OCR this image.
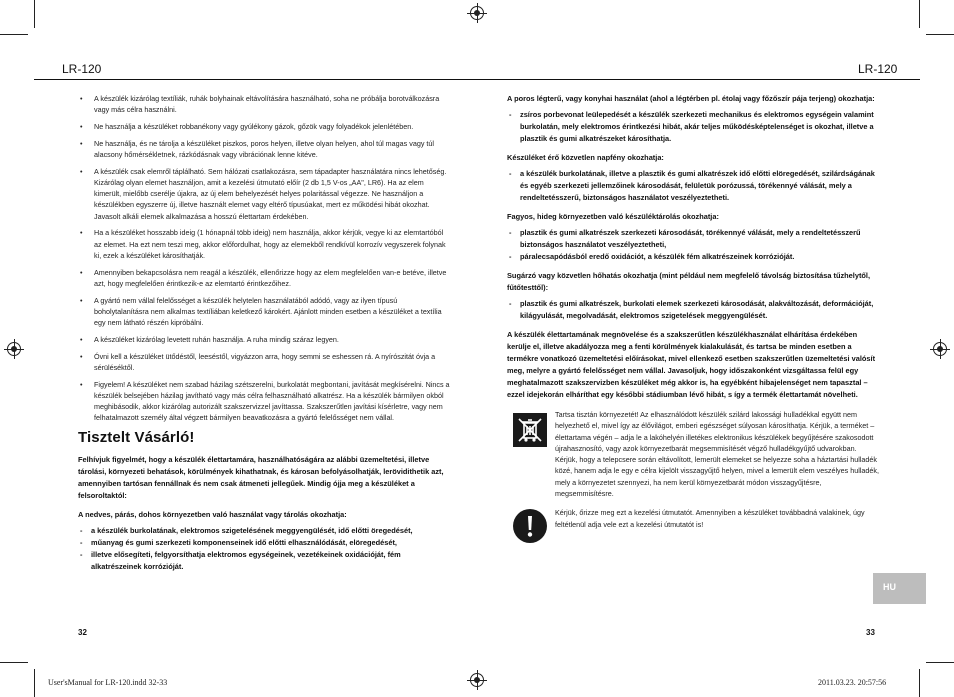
LR-120	LR-120
• A készülék kizárólag textíliák, ruhák bolyhainak eltávolítására használható, soha ne próbálja borotválkozásra vagy más célra használni.
• Ne használja a készüléket robbanékony vagy gyúlékony gázok, gőzök vagy folyadékok jelenlétében.
• Ne használja, és ne tárolja a készüléket piszkos, poros helyen, illetve olyan helyen, ahol túl magas vagy túl alacsony hőmérsékletnek, rázkódásnak vagy vibrációnak lenne kitéve.
• A készülék csak elemről táplálható. Sem hálózati csatlakozásra, sem tápadapter használatára nincs lehetőség. Kizárólag olyan elemet használjon, amit a kezelési útmutató előír (2 db 1,5 V-os „AA", LR6). Ha az elem kimerült, mielőbb cserélje újakra, az új elem behelyezését helyes polaritással végezze. Ne használjon a készülékben egyszerre új, illetve használt elemet vagy eltérő típusúakat, mert ez működési hibát okozhat. Javasolt alkáli elemek alkalmazása a hosszú élettartam érdekében.
• Ha a készüléket hosszabb ideig (1 hónapnál több ideig) nem használja, akkor kérjük, vegye ki az elemtartóból az elemet. Ha ezt nem teszi meg, akkor előfordulhat, hogy az elemekből rendkívül korrozív vegyszerek folynak ki, ezek a készüléket károsíthatják.
• Amennyiben bekapcsolásra nem reagál a készülék, ellenőrizze hogy az elem megfelelően van-e betéve, illetve azt, hogy megfelelően érintkezik-e az elemtartó érintkezőihez.
• A gyártó nem vállal felelősséget a készülék helytelen használatából adódó, vagy az ilyen típusú boholytalanításra nem alkalmas textíliában keletkező károkért. Ajánlott minden esetben a készüléket a textília egy nem látható részén kipróbálni.
• A készüléket kizárólag levetett ruhán használja. A ruha mindig száraz legyen.
• Óvni kell a készüléket ütődéstől, leeséstől, vigyázzon arra, hogy semmi se eshessen rá. A nyírószitát óvja a sérüléséktől.
• Figyelem! A készüléket nem szabad házilag szétszerelni, burkolatát megbontani, javítását megkísérelni. Nincs a készülék belsejében házilag javítható vagy más célra felhasználható alkatrész. Ha a készülék bármilyen okból meghibásodik, akkor kizárólag autorizált szakszervizzel javíttassa. Szakszerűtlen javítási kísérletre, vagy nem felhatalmazott személy által végzett bármilyen beavatkozásra a gyártó felelősséget nem vállal.
Tisztelt Vásárló!

Felhívjuk figyelmét, hogy a készülék élettartamára, használhatóságára az alábbi üzemeltetési, illetve tárolási, környezeti behatások, körülmények kihathatnak, és károsan befolyásolhatják, lerövidithetik azt, amennyiben tartósan fennállnak és nem csak átmeneti jellegűek. Mindig ójja meg a készüléket a felsoroltaktól:

A nedves, párás, dohos környezetben való használat vagy tárolás okozhatja:

- a készülék burkolatának, elektromos szigetelésének meggyengülését, idő előtti öregedését,
- műanyag és gumi szerkezeti komponenseinek idő előtti elhasználódását, elöregedését,
- illetve elősegíteti, felgyorsíthatja elektromos egységeinek, vezetékeinek oxidációját, fém alkatrészeinek korrózióját.
32

A poros légterű, vagy konyhai használat (ahol a légtérben pl. étolaj vagy főzőszír pája terjeng) okozhatja:

- zsíros porbevonat leülepedését a készülék szerkezeti mechanikus és elektromos egységein valamint burkolatán, mely elektromos érintkezési hibát, akár teljes működésképtelenséget is okozhat, illetve a plasztik és gumi alkatrészeket károsíthatja.

Készüléket érő közvetlen napfény okozhatja:

- a készülék burkolatának, illetve a plasztik és gumi alkatrészek idő előtti elöregedését, szilárdságának és egyéb szerkezeti jellemzőinek károsodását, felületük porózussá, törékennyé válását, mely a rendeltetésszerű, biztonságos használatot veszélyeztetheti.

Fagyos, hideg környezetben való készüléktárolás okozhatja:

- plasztik és gumi alkatrészek szerkezeti károsodását, törékennyé válását, mely a rendeltetésszerű biztonságos használatot veszélyeztetheti,
- páralecsapódásból eredő oxidációt, a készülék fém alkatrészeinek korrózióját.

Sugárzó vagy közvetlen hőhatás okozhatja (mint például nem megfelelő távolság biztosítása tűzhelytől, fűtőtesttől):

- plasztik és gumi alkatrészek, burkolati elemek szerkezeti károsodását, alakváltozását, deformációját, kilágyulását, megolvadását, elektromos szigetelések meggyengülését.

A készülék élettartamának megnövelése és a szakszerűtlen készülékhasználat elhárítása érdekében kerülje el, illetve akadályozza meg a fenti körülmények kialakulását, és tartsa be minden esetben a termékre vonatkozó üzemeltetési előírásokat, mivel ellenkező esetben szakszerűtlen üzemeltetési valósít meg, melyre a gyártó felelősséget nem vállal. Javasoljuk, hogy időszakonként vizsgáltassa felül egy meghatalmazott szakszervizben készüléket még akkor is, ha egyébként hibajelenséget nem tapasztal – ezzel idejekorán elháríthat egy későbbi stádiumban lévő hibát, s így a termék élettartamát növelheti.

Tartsa tisztán környezetét! Az elhasználódott készülék szilárd lakossági hulladékkal együtt nem helyezhető el, mivel így az élővilágot, emberi egészséget súlyosan károsíthatja. Kérjük, a terméket – élettartama végén – adja le a lakóhelyén illetékes elektronikus készülékek begyűjtésére szakosodott újrahasznosító, vagy azok környezetbarát megsemmisítését végző hulladékgyűjtő udvarokban. Kérjük, hogy a telepcsere során eltávolított, lemerült elemeket se helyezze soha a háztartási hulladék közé, hanem adja le egy e célra kijelölt visszagyűjtő helyen, mivel a lemerült elem veszélyes hulladék, mely a környezetet szennyezi, ha nem kerül környezetbarát módon visszagyűjtésre, megsemmisítésre.

Kérjük, őrizze meg ezt a kezelési útmutatót. Amennyiben a készüléket továbbadná valakinek, úgy feltétlenül adja vele ezt a kezelési útmutatót is!

HU
33
User'sManual for LR-120.indd 32-33	2011.03.23. 20:57:56
